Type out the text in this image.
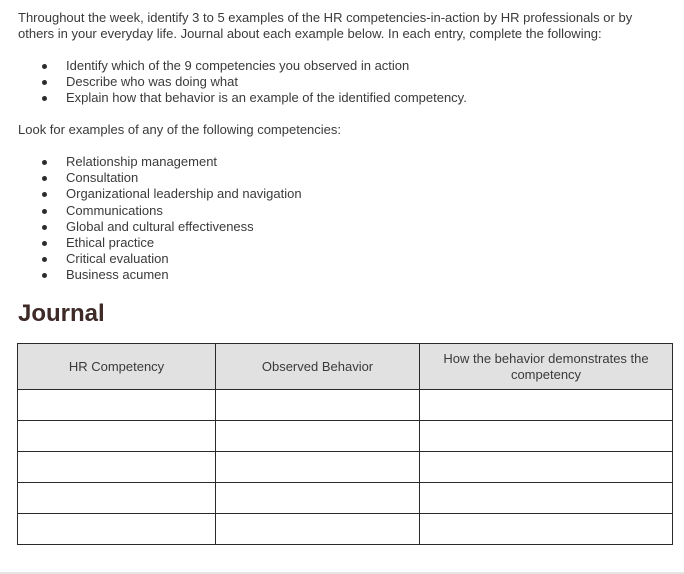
Throughout the week, identify 3 to 5 examples of the HR competencies-in-action by HR professionals or by others in your everyday life. Journal about each example below. In each entry, complete the following:

Identify which of the 9 competencies you observed in action
Describe who was doing what
Explain how that behavior is an example of the identified competency.

Look for examples of any of the following competencies:

Relationship management
Consultation
Organizational leadership and navigation
Communications
Global and cultural effectiveness
Ethical practice
Critical evaluation
Business acumen
Journal
HR Competency	Observed Behavior	How the behavior demonstrates the competency
